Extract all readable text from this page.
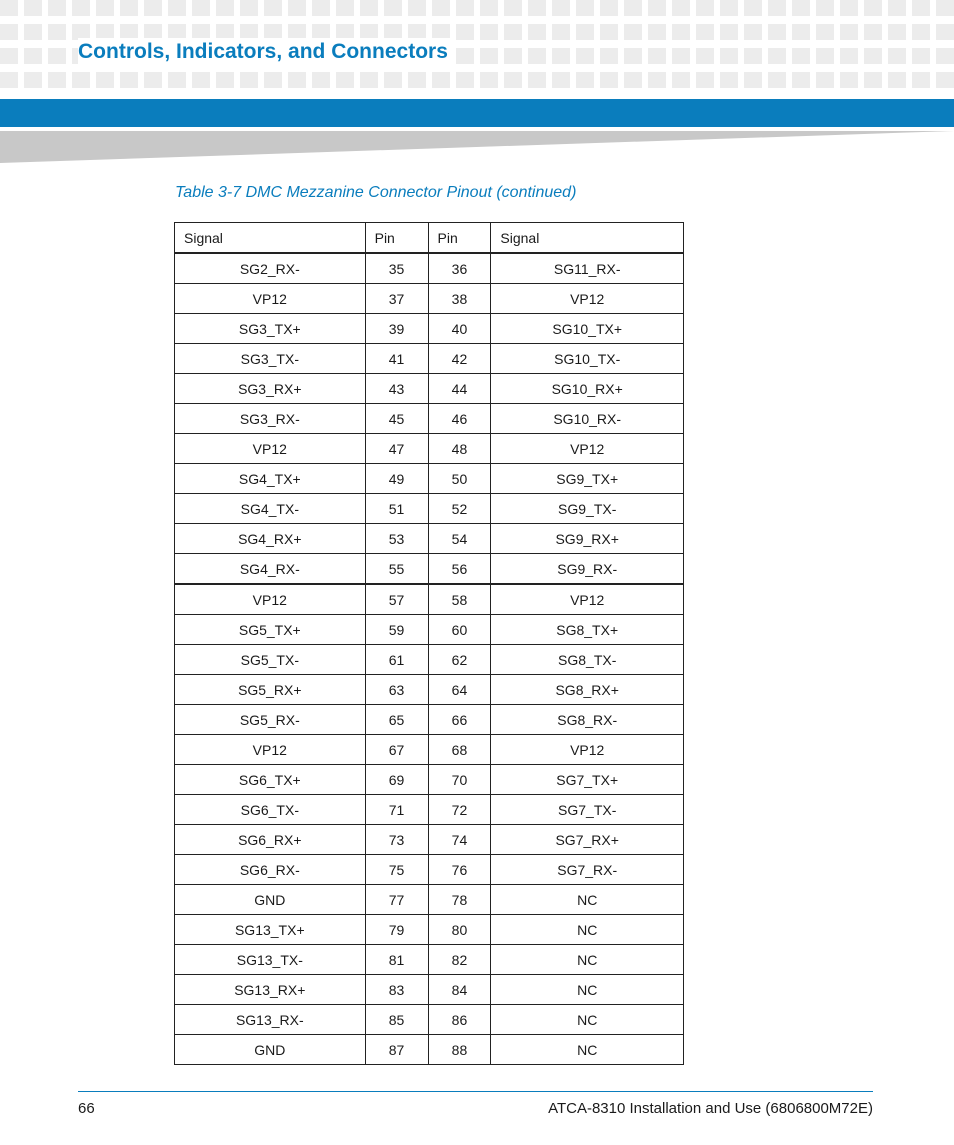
Controls, Indicators, and Connectors
Table 3-7 DMC Mezzanine Connector Pinout (continued)
Signal	Pin	Pin	Signal
SG2_RX-	35	36	SG11_RX-
VP12	37	38	VP12
SG3_TX+	39	40	SG10_TX+
SG3_TX-	41	42	SG10_TX-
SG3_RX+	43	44	SG10_RX+
SG3_RX-	45	46	SG10_RX-
VP12	47	48	VP12
SG4_TX+	49	50	SG9_TX+
SG4_TX-	51	52	SG9_TX-
SG4_RX+	53	54	SG9_RX+
SG4_RX-	55	56	SG9_RX-
VP12	57	58	VP12
SG5_TX+	59	60	SG8_TX+
SG5_TX-	61	62	SG8_TX-
SG5_RX+	63	64	SG8_RX+
SG5_RX-	65	66	SG8_RX-
VP12	67	68	VP12
SG6_TX+	69	70	SG7_TX+
SG6_TX-	71	72	SG7_TX-
SG6_RX+	73	74	SG7_RX+
SG6_RX-	75	76	SG7_RX-
GND	77	78	NC
SG13_TX+	79	80	NC
SG13_TX-	81	82	NC
SG13_RX+	83	84	NC
SG13_RX-	85	86	NC
GND	87	88	NC
66	ATCA-8310 Installation and Use (6806800M72E)
